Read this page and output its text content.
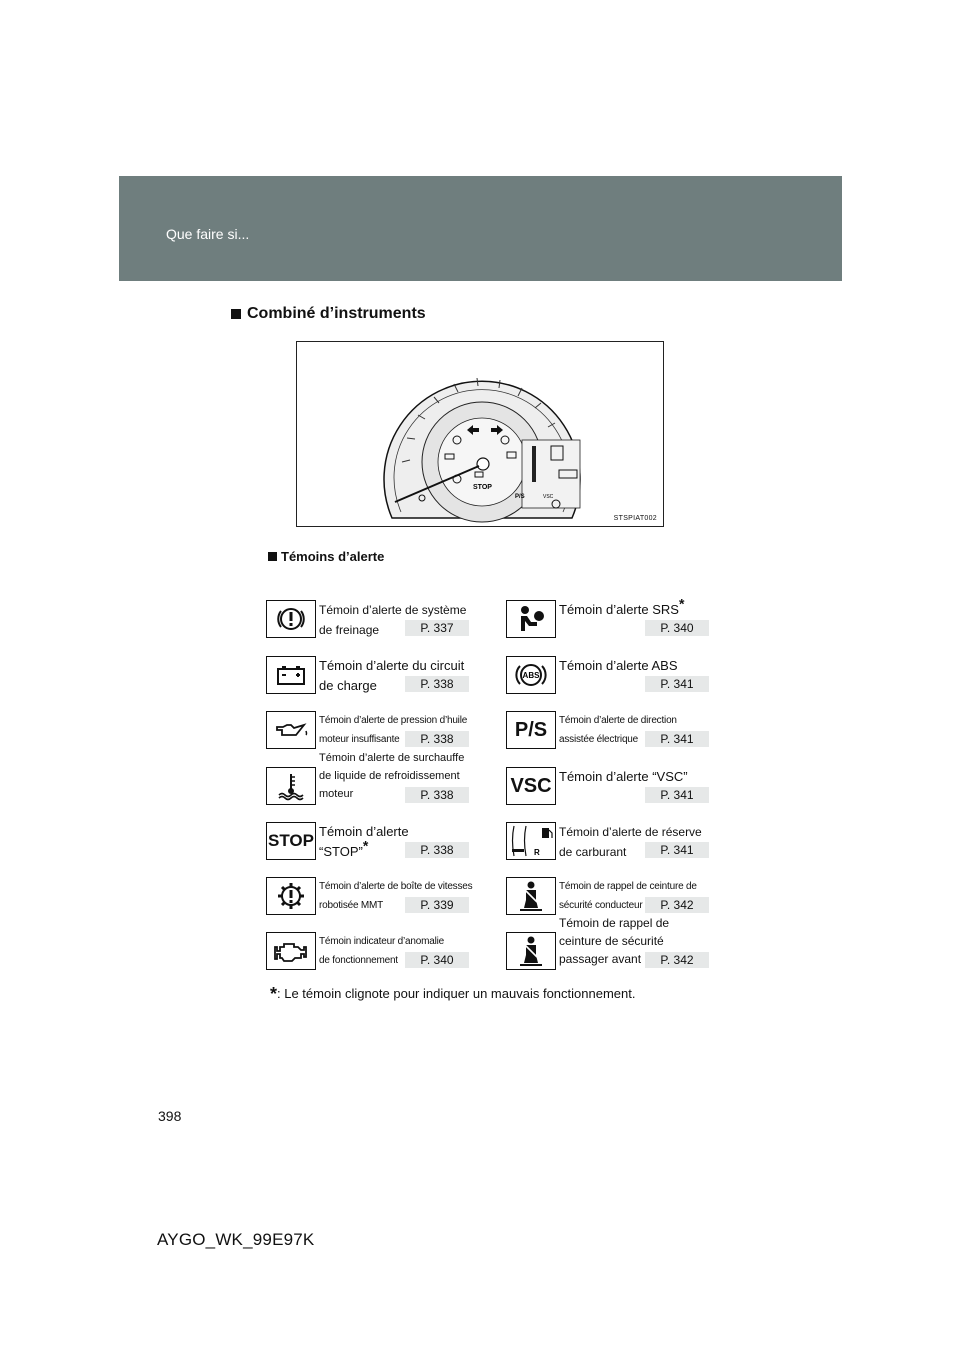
Que faire si...
Combiné d’instruments
STOP
P/S	VSC
STSPIAT002
Témoins d’alerte
Témoin d’alerte de système
de freinage	P. 337
Témoin d’alerte du circuit
de charge	P. 338
Témoin d’alerte de pression d’huile
moteur insuffisante	P. 338
Témoin d’alerte de surchauffe
de liquide de refroidissement
moteur	P. 338
STOP Témoin d’alerte
“STOP”*	P. 338
Témoin d’alerte de boîte de vitesses
robotisée MMT	P. 339
Témoin indicateur d’anomalie
de fonctionnement	P. 340
Témoin d’alerte SRS*
P. 340
ABS
Témoin d’alerte ABS
P. 341
P/S Témoin d’alerte de direction
assistée électrique	P. 341
VSC Témoin d’alerte “VSC”
P. 341
R
Témoin d’alerte de réserve
de carburant	P. 341
Témoin de rappel de ceinture de
sécurité conducteur	P. 342
Témoin de rappel de
ceinture de sécurité
passager avant	P. 342
*: Le témoin clignote pour indiquer un mauvais fonctionnement.
398
AYGO_WK_99E97K
